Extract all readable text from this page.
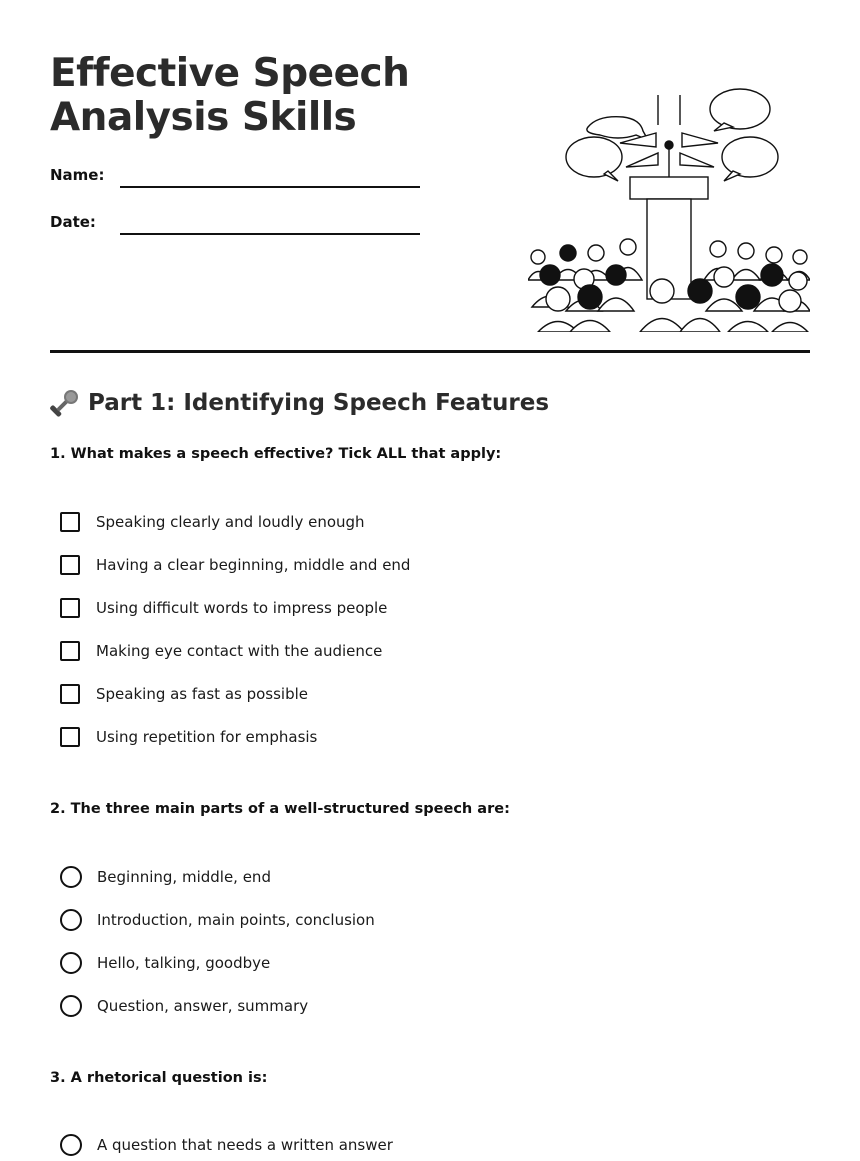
Effective Speech Analysis Skills
Name:
Date:
Part 1: Identifying Speech Features
1. What makes a speech effective? Tick ALL that apply:
Speaking clearly and loudly enough
Having a clear beginning, middle and end
Using difficult words to impress people
Making eye contact with the audience
Speaking as fast as possible
Using repetition for emphasis
2. The three main parts of a well-structured speech are:
Beginning, middle, end
Introduction, main points, conclusion
Hello, talking, goodbye
Question, answer, summary
3. A rhetorical question is:
A question that needs a written answer
